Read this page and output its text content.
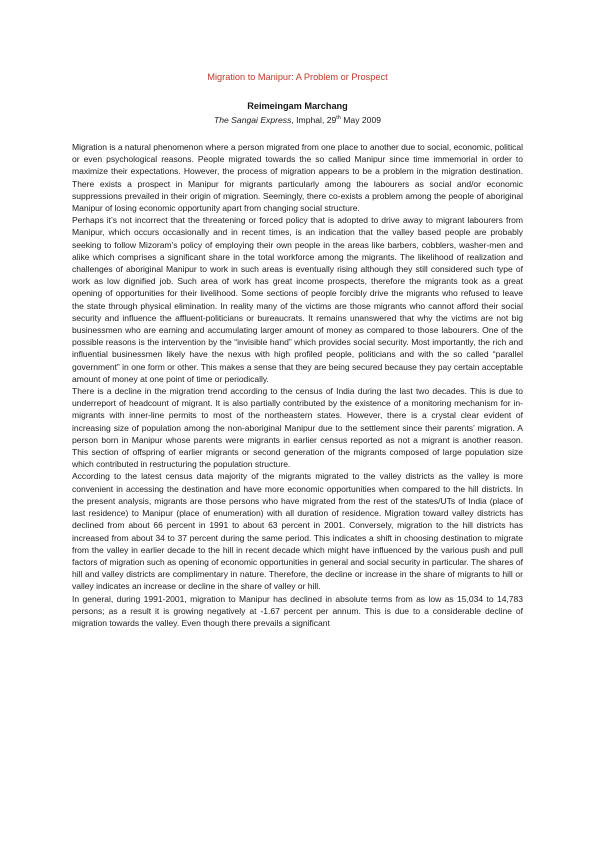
Migration to Manipur: A Problem or Prospect

Reimeingam Marchang

The Sangai Express, Imphal, 29th May 2009

Migration is a natural phenomenon where a person migrated from one place to another due to social, economic, political or even psychological reasons. People migrated towards the so called Manipur since time immemorial in order to maximize their expectations. However, the process of migration appears to be a problem in the migration destination. There exists a prospect in Manipur for migrants particularly among the labourers as social and/or economic suppressions prevailed in their origin of migration. Seemingly, there co-exists a problem among the people of aboriginal Manipur of losing economic opportunity apart from changing social structure.

Perhaps it’s not incorrect that the threatening or forced policy that is adopted to drive away to migrant labourers from Manipur, which occurs occasionally and in recent times, is an indication that the valley based people are probably seeking to follow Mizoram’s policy of employing their own people in the areas like barbers, cobblers, washer-men and alike which comprises a significant share in the total workforce among the migrants. The likelihood of realization and challenges of aboriginal Manipur to work in such areas is eventually rising although they still considered such type of work as low dignified job. Such area of work has great income prospects, therefore the migrants took as a great opening of opportunities for their livelihood. Some sections of people forcibly drive the migrants who refused to leave the state through physical elimination. In reality many of the victims are those migrants who cannot afford their social security and influence the affluent-politicians or bureaucrats. It remains unanswered that why the victims are not big businessmen who are earning and accumulating larger amount of money as compared to those labourers. One of the possible reasons is the intervention by the “invisible hand” which provides social security. Most importantly, the rich and influential businessmen likely have the nexus with high profiled people, politicians and with the so called “parallel government” in one form or other. This makes a sense that they are being secured because they pay certain acceptable amount of money at one point of time or periodically.

There is a decline in the migration trend according to the census of India during the last two decades. This is due to underreport of headcount of migrant. It is also partially contributed by the existence of a monitoring mechanism for in-migrants with inner-line permits to most of the northeastern states. However, there is a crystal clear evident of increasing size of population among the non-aboriginal Manipur due to the settlement since their parents’ migration. A person born in Manipur whose parents were migrants in earlier census reported as not a migrant is another reason. This section of offspring of earlier migrants or second generation of the migrants composed of large population size which contributed in restructuring the population structure.

According to the latest census data majority of the migrants migrated to the valley districts as the valley is more convenient in accessing the destination and have more economic opportunities when compared to the hill districts. In the present analysis, migrants are those persons who have migrated from the rest of the states/UTs of India (place of last residence) to Manipur (place of enumeration) with all duration of residence. Migration toward valley districts has declined from about 66 percent in 1991 to about 63 percent in 2001. Conversely, migration to the hill districts has increased from about 34 to 37 percent during the same period. This indicates a shift in choosing destination to migrate from the valley in earlier decade to the hill in recent decade which might have influenced by the various push and pull factors of migration such as opening of economic opportunities in general and social security in particular. The shares of hill and valley districts are complimentary in nature. Therefore, the decline or increase in the share of migrants to hill or valley indicates an increase or decline in the share of valley or hill.

In general, during 1991-2001, migration to Manipur has declined in absolute terms from as low as 15,034 to 14,783 persons; as a result it is growing negatively at -1.67 percent per annum. This is due to a considerable decline of migration towards the valley. Even though there prevails a significant
